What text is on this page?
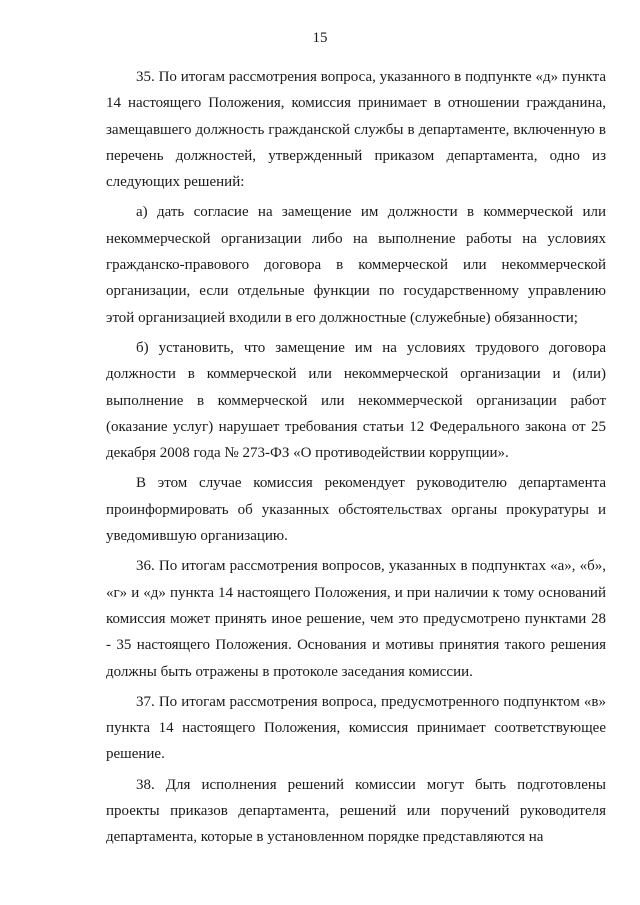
15

35. По итогам рассмотрения вопроса, указанного в подпункте «д» пункта 14 настоящего Положения, комиссия принимает в отношении гражданина, замещавшего должность гражданской службы в департаменте, включенную в перечень должностей, утвержденный приказом департамента, одно из следующих решений:

а) дать согласие на замещение им должности в коммерческой или некоммерческой организации либо на выполнение работы на условиях гражданско-правового договора в коммерческой или некоммерческой организации, если отдельные функции по государственному управлению этой организацией входили в его должностные (служебные) обязанности;

б) установить, что замещение им на условиях трудового договора должности в коммерческой или некоммерческой организации и (или) выполнение в коммерческой или некоммерческой организации работ (оказание услуг) нарушает требования статьи 12 Федерального закона от 25 декабря 2008 года № 273-ФЗ «О противодействии коррупции».

В этом случае комиссия рекомендует руководителю департамента проинформировать об указанных обстоятельствах органы прокуратуры и уведомившую организацию.

36. По итогам рассмотрения вопросов, указанных в подпунктах «а», «б», «г» и «д» пункта 14 настоящего Положения, и при наличии к тому оснований комиссия может принять иное решение, чем это предусмотрено пунктами 28 - 35 настоящего Положения. Основания и мотивы принятия такого решения должны быть отражены в протоколе заседания комиссии.

37. По итогам рассмотрения вопроса, предусмотренного подпунктом «в» пункта 14 настоящего Положения, комиссия принимает соответствующее решение.

38. Для исполнения решений комиссии могут быть подготовлены проекты приказов департамента, решений или поручений руководителя департамента, которые в установленном порядке представляются на
